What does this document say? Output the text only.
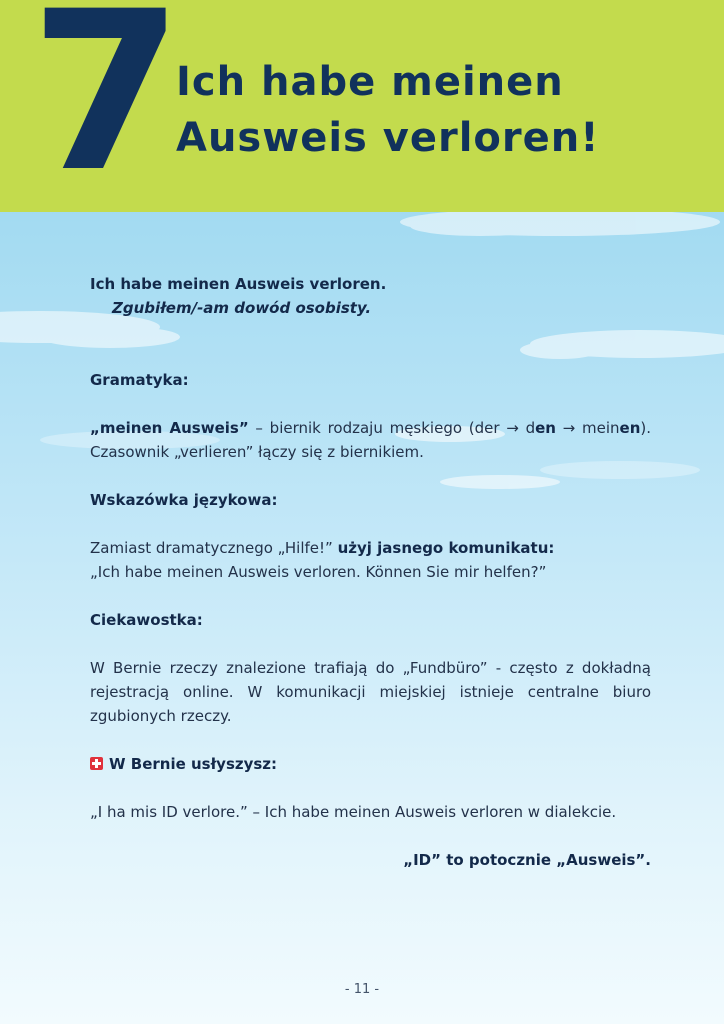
7
Ich habe meinen
Ausweis verloren!

Ich habe meinen Ausweis verloren.

Zgubiłem/-am dowód osobisty.

Gramatyka:

„meinen Ausweis” – biernik rodzaju męskiego (der → den → meinen). Czasownik „verlieren” łączy się z biernikiem.

Wskazówka językowa:

Zamiast dramatycznego „Hilfe!” użyj jasnego komunikatu:

„Ich habe meinen Ausweis verloren. Können Sie mir helfen?”

Ciekawostka:

W Bernie rzeczy znalezione trafiają do „Fundbüro” - często z dokładną rejestracją online. W komunikacji miejskiej istnieje centralne biuro zgubionych rzeczy.

W Bernie usłyszysz:

„I ha mis ID verlore.” – Ich habe meinen Ausweis verloren w dialekcie.

„ID” to potocznie „Ausweis”.

- 11 -
